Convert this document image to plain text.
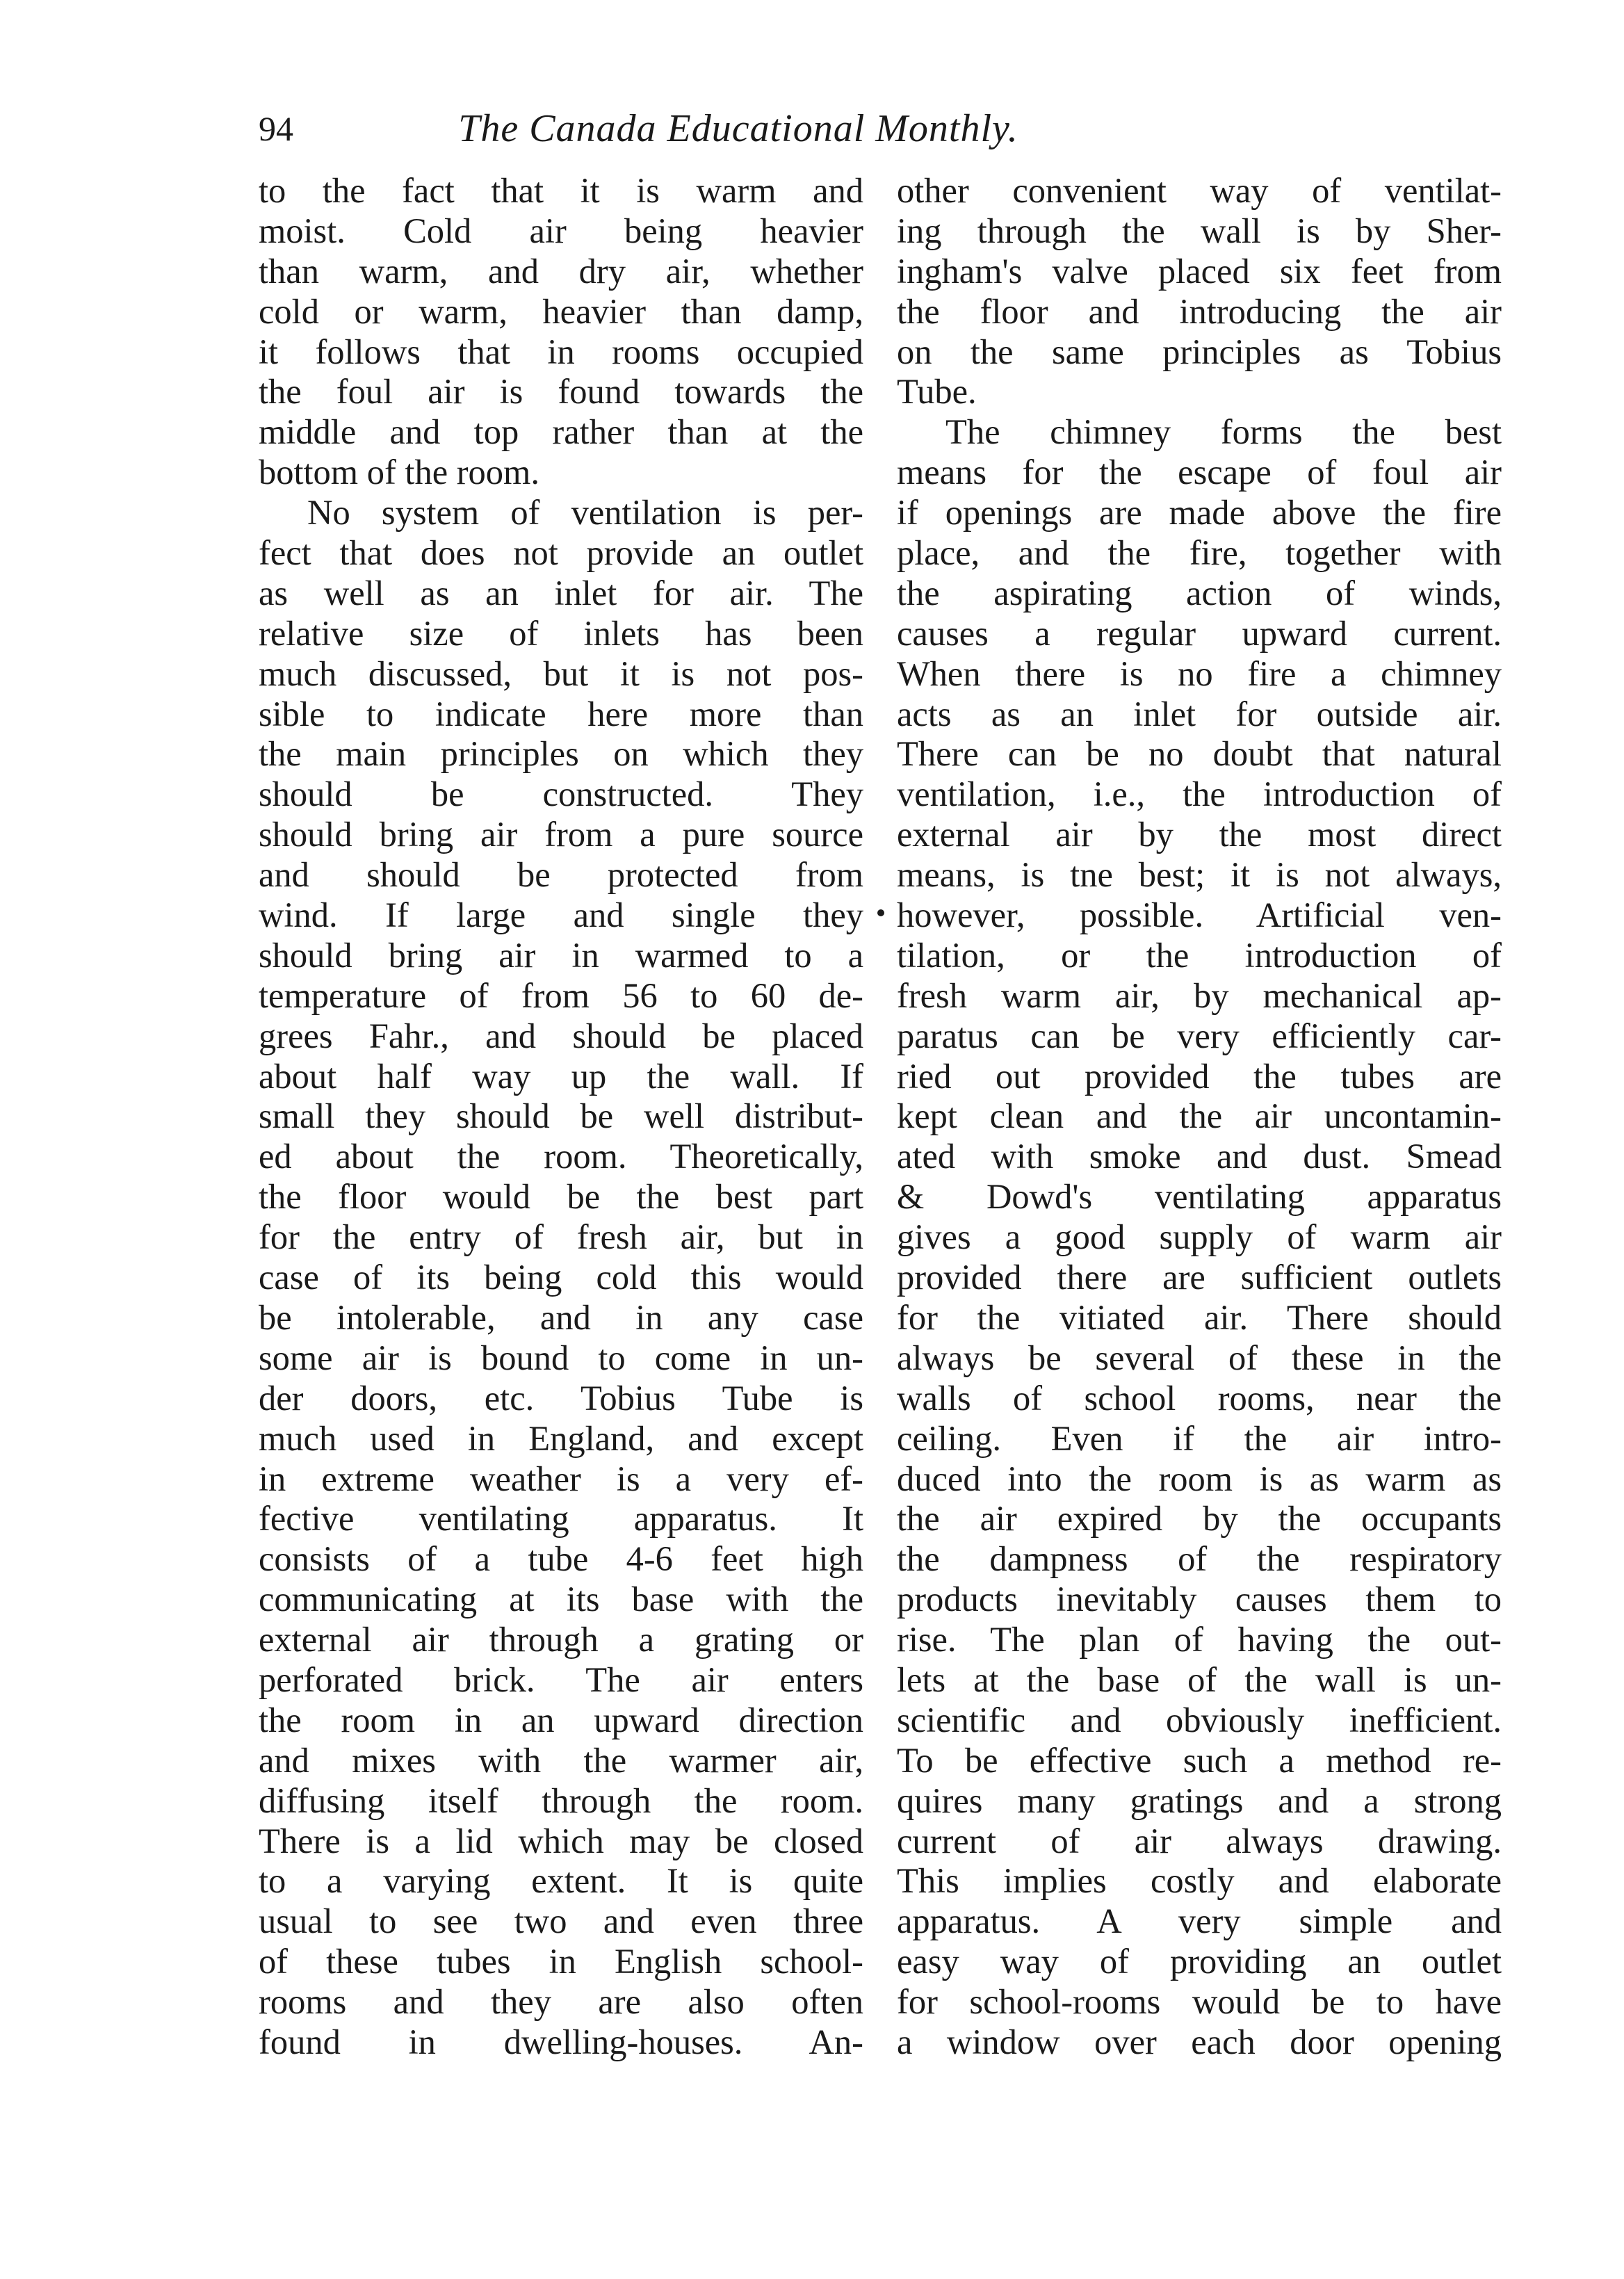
94	The Canada Educational Monthly.
to the fact that it is warm and
moist. Cold air being heavier
than warm, and dry air, whether
cold or warm, heavier than damp,
it follows that in rooms occupied
the foul air is found towards the
middle and top rather than at the
bottom of the room.
No system of ventilation is per-
fect that does not provide an outlet
as well as an inlet for air. The
relative size of inlets has been
much discussed, but it is not pos-
sible to indicate here more than
the main principles on which they
should be constructed. They
should bring air from a pure source
and should be protected from
wind. If large and single they
should bring air in warmed to a
temperature of from 56 to 60 de-
grees Fahr., and should be placed
about half way up the wall. If
small they should be well distribut-
ed about the room. Theoretically,
the floor would be the best part
for the entry of fresh air, but in
case of its being cold this would
be intolerable, and in any case
some air is bound to come in un-
der doors, etc. Tobius Tube is
much used in England, and except
in extreme weather is a very ef-
fective ventilating apparatus. It
consists of a tube 4-6 feet high
communicating at its base with the
external air through a grating or
perforated brick. The air enters
the room in an upward direction
and mixes with the warmer air,
diffusing itself through the room.
There is a lid which may be closed
to a varying extent. It is quite
usual to see two and even three
of these tubes in English school-
rooms and they are also often
found in dwelling-houses. An-
other convenient way of ventilat-
ing through the wall is by Sher-
ingham's valve placed six feet from
the floor and introducing the air
on the same principles as Tobius
Tube.
The chimney forms the best
means for the escape of foul air
if openings are made above the fire
place, and the fire, together with
the aspirating action of winds,
causes a regular upward current.
When there is no fire a chimney
acts as an inlet for outside air.
There can be no doubt that natural
ventilation, i.e., the introduction of
external air by the most direct
means, is tne best; it is not always,
however, possible. Artificial ven-
tilation, or the introduction of
fresh warm air, by mechanical ap-
paratus can be very efficiently car-
ried out provided the tubes are
kept clean and the air uncontamin-
ated with smoke and dust. Smead
& Dowd's ventilating apparatus
gives a good supply of warm air
provided there are sufficient outlets
for the vitiated air. There should
always be several of these in the
walls of school rooms, near the
ceiling. Even if the air intro-
duced into the room is as warm as
the air expired by the occupants
the dampness of the respiratory
products inevitably causes them to
rise. The plan of having the out-
lets at the base of the wall is un-
scientific and obviously inefficient.
To be effective such a method re-
quires many gratings and a strong
current of air always drawing.
This implies costly and elaborate
apparatus. A very simple and
easy way of providing an outlet
for school-rooms would be to have
a window over each door opening
